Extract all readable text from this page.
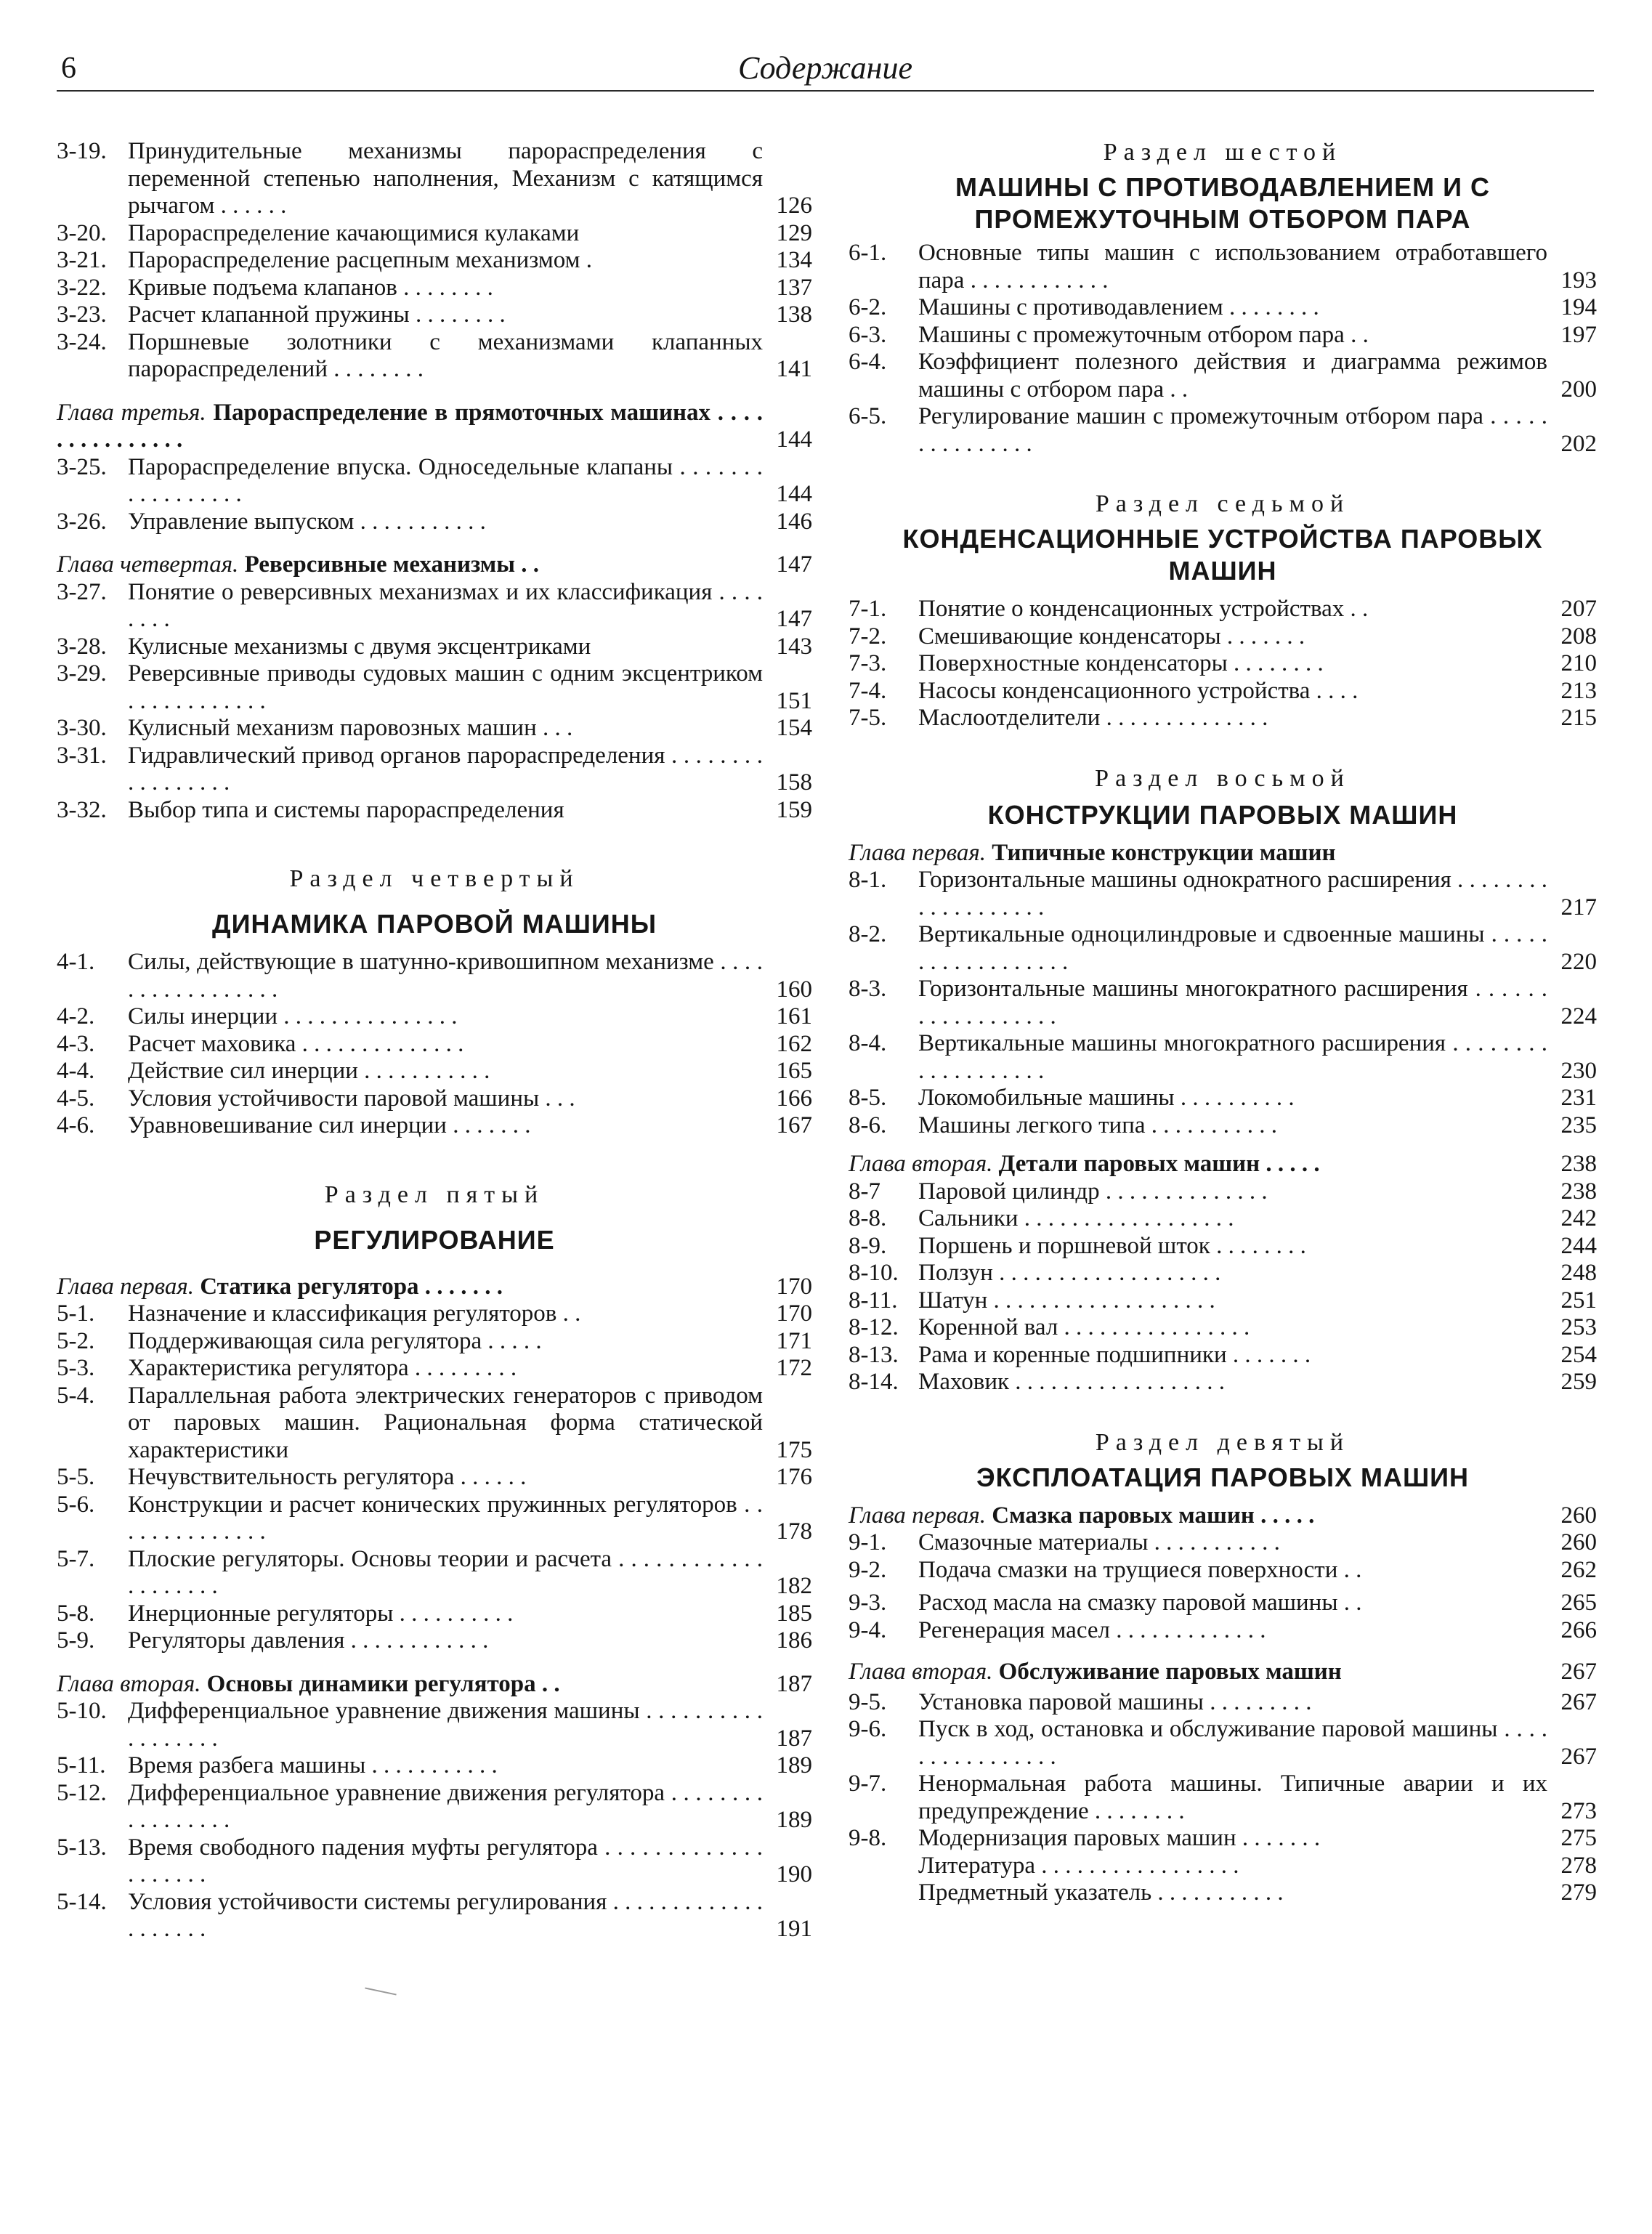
6	Содержание
3-19. Принудительные механизмы парораспределения с переменной степенью наполнения, Механизм с катящимся рычагом . . . . . .	126
3-20. Парораспределение качающимися кулаками	129
3-21. Парораспределение расцепным механизмом .	134
3-22. Кривые подъема клапанов . . . . . . . .	137
3-23. Расчет клапанной пружины . . . . . . . .	138
3-24. Поршневые золотники с механизмами клапанных парораспределений . . . . . . . .	141
Глава третья. Парораспределение в прямоточных машинах . . . . . . . . . . . . . . .	144
3-25. Парораспределение впуска. Односедельные клапаны . . . . . . . . . . . . . . . . .	144
3-26. Управление выпуском . . . . . . . . . . .	146
Глава четвертая. Реверсивные механизмы . .	147
3-27. Понятие о реверсивных механизмах и их классификация . . . . . . . .	147
3-28. Кулисные механизмы с двумя эксцентриками	143
3-29. Реверсивные приводы судовых машин с одним эксцентриком . . . . . . . . . . . .	151
3-30. Кулисный механизм паровозных машин . . .	154
3-31. Гидравлический привод органов парораспределения . . . . . . . . . . . . . . . . .	158
3-32. Выбор типа и системы парораспределения	159
Раздел четвертый
ДИНАМИКА ПАРОВОЙ МАШИНЫ
4-1.	Силы, действующие в шатунно-кривошипном механизме . . . . . . . . . . . . . . . . .	160
4-2.	Силы инерции . . . . . . . . . . . . . . .	161
4-3.	Расчет маховика . . . . . . . . . . . . . .	162
4-4.	Действие сил инерции . . . . . . . . . . .	165
4-5.	Условия устойчивости паровой машины . . .	166
4-6.	Уравновешивание сил инерции . . . . . . .	167
Раздел пятый
РЕГУЛИРОВАНИЕ
Глава первая. Статика регулятора . . . . . . .	170
5-1.	Назначение и классификация регуляторов . .	170
5-2.	Поддерживающая сила регулятора . . . . .	171
5-3.	Характеристика регулятора . . . . . . . . .	172
5-4.	Параллельная работа электрических генераторов с приводом от паровых машин. Рациональная форма статической характеристики	175
5-5.	Нечувствительность регулятора . . . . . .	176
5-6.	Конструкции и расчет конических пружинных регуляторов . . . . . . . . . . . . . .	178
5-7.	Плоские регуляторы. Основы теории и расчета . . . . . . . . . . . . . . . . . . . .	182
5-8.	Инерционные регуляторы . . . . . . . . . .	185
5-9.	Регуляторы давления . . . . . . . . . . . .	186
Глава вторая. Основы динамики регулятора . .	187
5-10. Дифференциальное уравнение движения машины . . . . . . . . . . . . . . . . . .	187
5-11. Время разбега машины . . . . . . . . . . .	189
5-12. Дифференциальное уравнение движения регулятора . . . . . . . . . . . . . . . . .	189
5-13. Время свободного падения муфты регулятора . . . . . . . . . . . . . . . . . . . .	190
5-14. Условия устойчивости системы регулирования . . . . . . . . . . . . . . . . . . . .	191
Раздел шестой
МАШИНЫ С ПРОТИВОДАВЛЕНИЕМ И С ПРОМЕЖУТОЧНЫМ ОТБОРОМ ПАРА
6-1.	Основные типы машин с использованием отработавшего пара . . . . . . . . . . . .	193
6-2.	Машины с противодавлением . . . . . . . .	194
6-3.	Машины с промежуточным отбором пара . .	197
6-4.	Коэффициент полезного действия и диаграмма режимов машины с отбором пара . .	200
6-5.	Регулирование машин с промежуточным отбором пара . . . . . . . . . . . . . . .	202
Раздел седьмой
КОНДЕНСАЦИОННЫЕ УСТРОЙСТВА ПАРОВЫХ МАШИН
7-1.	Понятие о конденсационных устройствах . .	207
7-2.	Смешивающие конденсаторы . . . . . . .	208
7-3.	Поверхностные конденсаторы . . . . . . . .	210
7-4.	Насосы конденсационного устройства . . . .	213
7-5.	Маслоотделители . . . . . . . . . . . . . .	215
Раздел восьмой
КОНСТРУКЦИИ ПАРОВЫХ МАШИН
Глава первая. Типичные конструкции машин
8-1.	Горизонтальные машины однократного расширения . . . . . . . . . . . . . . . . . . .	217
8-2.	Вертикальные одноцилиндровые и сдвоенные машины . . . . . . . . . . . . . . . . . .	220
8-3.	Горизонтальные машины многократного расширения . . . . . . . . . . . . . . . . . .	224
8-4.	Вертикальные машины многократного расширения . . . . . . . . . . . . . . . . . . .	230
8-5.	Локомобильные машины . . . . . . . . . .	231
8-6.	Машины легкого типа . . . . . . . . . . .	235
Глава вторая. Детали паровых машин . . . . .	238
8-7	Паровой цилиндр . . . . . . . . . . . . . .	238
8-8.	Сальники . . . . . . . . . . . . . . . . . .	242
8-9.	Поршень и поршневой шток . . . . . . . .	244
8-10. Ползун . . . . . . . . . . . . . . . . . . .	248
8-11. Шатун . . . . . . . . . . . . . . . . . . .	251
8-12. Коренной вал . . . . . . . . . . . . . . . .	253
8-13. Рама и коренные подшипники . . . . . . .	254
8-14. Маховик . . . . . . . . . . . . . . . . . .	259
Раздел девятый
ЭКСПЛОАТАЦИЯ ПАРОВЫХ МАШИН
Глава первая. Смазка паровых машин . . . . .	260
9-1.	Смазочные материалы . . . . . . . . . . .	260
9-2.	Подача смазки на трущиеся поверхности . .	262
9-3.	Расход масла на смазку паровой машины . .	265
9-4.	Регенерация масел . . . . . . . . . . . . .	266
Глава вторая. Обслуживание паровых машин	267
9-5.	Установка паровой машины . . . . . . . . .	267
9-6.	Пуск в ход, остановка и обслуживание паровой машины . . . . . . . . . . . . . . . .	267
9-7.	Ненормальная работа машины. Типичные аварии и их предупреждение . . . . . . . .	273
9-8.	Модернизация паровых машин . . . . . . .	275
Литература . . . . . . . . . . . . . . . . .	278
Предметный указатель . . . . . . . . . . .	279
